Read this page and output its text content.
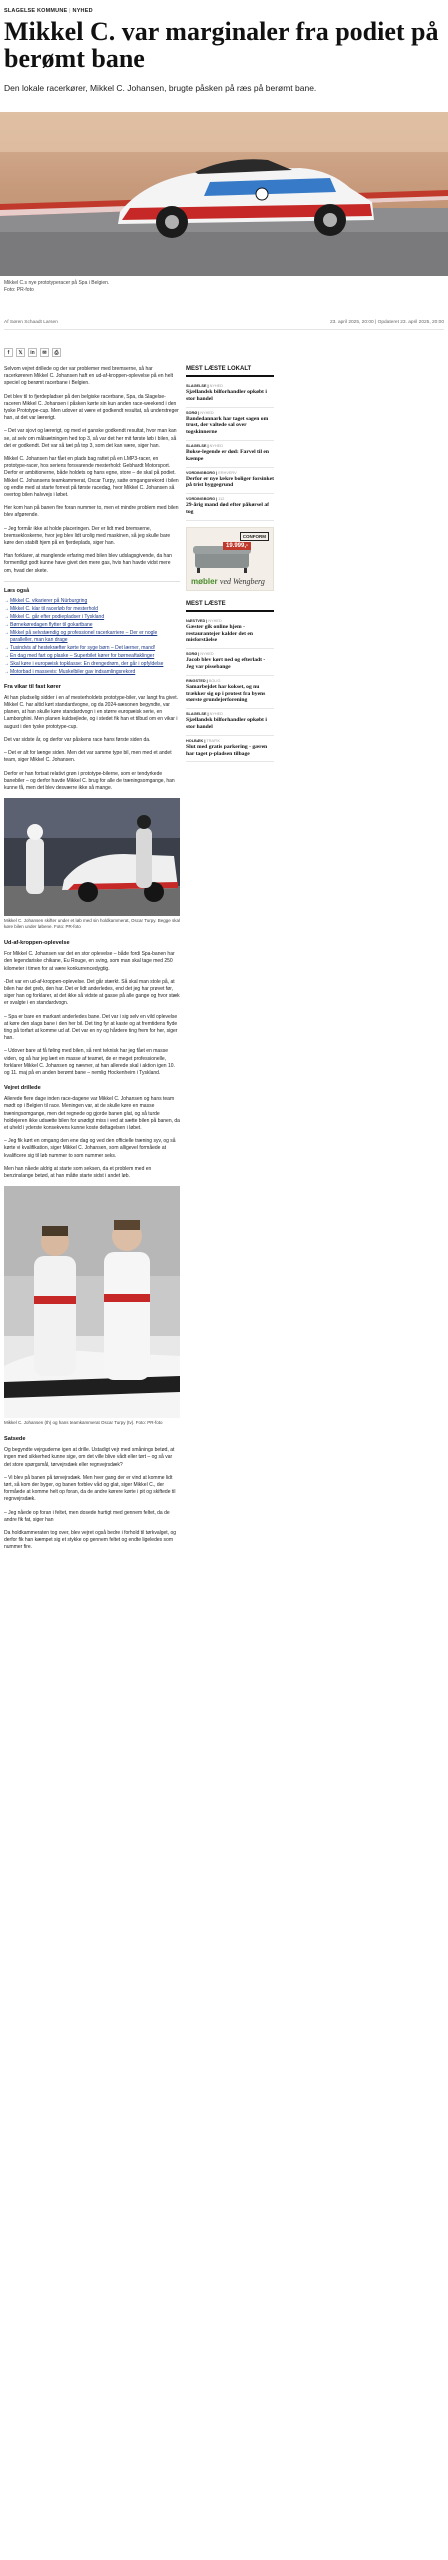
SLAGELSE KOMMUNE | NYHED
Mikkel C. var marginaler fra podiet på berømt bane

Den lokale racerkører, Mikkel C. Johansen, brugte påsken på ræs på berømt bane.

Mikkel C.s nye prototyperacer på Spa i Belgien.
Foto: PR-foto
Af Søren Schaadt Larsen	23. april 2025, 20:00 | Opdateret 23. april 2025, 20:00
f	𝕏	in	✉	⎙

Selvom vejret drillede og der var problemer med bremserne, så har racerkøreren Mikkel C. Johansen haft en ud-af-kroppen-oplevelse på en helt speciel og berømt racerbane i Belgien.

Det blev til to fjerdepladser på den belgiske racerbane, Spa, da Slagelse-raceren Mikkel C. Johansen i påsken kørte sin kun anden race-weekend i den tyske Prototype-cup. Men udover at være et godkendt resultat, så understreger han, at det var lærerigt.

– Det var sjovt og lærerigt, og med et ganske godkendt resultat, hvor man kan se, at selv om målsætningen hed top 3, så var det her mit første løb i bilen, så det er godkendt. Det var så tæt på top 3, som det kan være, siger han.

Mikkel C. Johansen har fået en plads bag rattet på en LMP3-racer, en prototype-racer, hos seriens forsvarende mesterhold: Gebhardt Motorsport. Derfor er ambitionerne, både holdets og hans egne, store – de skal på podiet. Mikkel C. Johansens teamkammerat, Oscar Turpy, satte omgangsrekord i bilen og endte med at starte forrest på første racedag, hvor Mikkel C. Johansen så overtog bilen halvvejs i løbet.

Her kom han på banen fire foran nummer to, men et mindre problem med bilen blev afgørende.

– Jeg formår ikke at holde placeringen. Der er lidt med bremserne, bremsekloskerne, hvor jeg blev lidt urolig med maskinen, så jeg skulle bare køre den stabilt hjem på en fjerdeplads, siger han.

Han forklarer, at manglende erfaring med bilen blev udslagsgivende, da han formentligt godt kunne have givet den mere gas, hvis han havde vidst mere om, hvad der skete.

Læs også
→ Mikkel C. vikarierer på Nürburgring
→ Mikkel C. klar til racerløb for mesterhold
→ Mikkel C. går efter podiepladser i Tyskland
→ Børnekøredagen flytter til gokartbane
→ Mikkel på selvstændig og professionel racerkarriere – Der er nogle paralleller, man kan drage
→ Tusindvis af hestekræfter kørte for syge børn – Det lærner, mand!
→ En dag med fart og plaske – Superbilet kører for børneaftaklinger
→ Skal køre i europæisk topklasse: En drengedrøm, der går i opfyldelse
→ Motorbad i massevis: Muskelbiler gav indsamlingsrekord
Fra vikar til fast kører

At han pludselig sidder i en af mesterholdets prototype-biler, var langt fra givet. Mikkel C. har altid kørt standardvogne, og da 2024-sæsonen begyndte, var planen, at han skulle køre standardvogn i en større europæisk serie, en Lamborghini. Men planen kuldsejlede, og i stedet fik han et tilbud om en vikar i august i den tyske prototype-cup.

Det var sidste år, og derfor var påskens race hans første siden da.

– Det er alt for længe siden. Men det var samme type bil, men med et andet team, siger Mikkel C. Johansen.

Derfor er han fortsat relativt grøn i prototype-bilerne, som er tendyrkede banebiler – og derfor havde Mikkel C. brug for alle de træningsomgange, han kunne få, men det blev desværre ikke så mange.

Mikkel C. Johansen skifter under et løb med sin holdkammerat, Oscar Turpy. Begge skal køre bilen under løbene. Foto: PR-foto
Ud-af-kroppen-oplevelse

For Mikkel C. Johansen var det en stor oplevelse – både fordi Spa-banen har den legendariske chikane, Eu Rouge, en sving, som man skal tage med 250 kilometer i timen for at være konkurrencedygtig.

-Det var en ud-af-kroppen-oplevelse. Det går stærkt. Så skal man stole på, at bilen har det greb, den har. Det er lidt anderledes, end det jeg har prøvet før, siger han og forklarer, at det ikke så vidste at gasse på alle gange og hvor stæk er svalgte i en standardvogn.

– Spa er bare en markant anderledes bane. Det var i sig selv en vild oplevelse at køre den slags bane i den her bil. Det ting fyr at kaste og at fremtidens flyde ting på torfart at komme ud af. Det var en ny og hårdere ting frem for her, siger han.

– Udover bare at få føling med bilen, så rent teknisk har jeg fået en masse viden, og så har jeg lært en masse af teamet, de er meget professionelle, forklarer Mikkel C. Johansen og nævner, at han allerede skal i aktion igen 10. og 11. maj på en anden berømt bane – nemlig Hockenheim i Tyskland.

Vejret drillede

Allerede flere dage inden race-dagene var Mikkel C. Johansen og hans team mødt op i Belgien til race. Meningen var, at de skulle køre en masse træningsomgange, men det regnede og gjorde banen glat, og så turde holdejeren ikke udsætte bilen for unødigt miss i ved at sætte bilen på banen, da et uheld i yderste konsekvens kunne koste deltagelsen i løbet.

– Jeg fik kørt en omgang den ene dag og ved den officielle træning syv, og så kørte vi kvalifikation, siger Mikkel C. Johansen, som alligevel formåede at kvalificere sig til løb nummer to som nummer seks.

Men han nåede aldrig at starte som seksen, da et problem med en benzinslange betød, at han måtte starte sidst i andet løb.

Mikkel C. Johansen (th) og hans teamkammerat Oscar Turpy (tv). Foto: PR-foto
Satsede

Og begyndte vejrguderne igen at drille. Ustadigt vejr med smånings betød, at ingen med sikkerhed kunne sige, om det ville blive vådt eller tørt – og så var det store spørgsmål, tørvejrsdæk eller regnvejrsdæk?

– Vi blev på banen på tørvejrsdæk. Men hver gang der er vind at komme lidt tørt, så kom der byger, og banen forblev våd og glat, siger Mikkel C., der formåede at komme helt op foran, da de andre kørere kørte i pit og skiftede til regnvejrsdæk.

– Jeg nåede op foran i feltet, men dosede hurtigt med gennem feltet, da de andre fik fat, siger han

Da holdkammeraten tog over, blev vejret også bedre i forhold til tørkvalget, og derfor fik han kæmpet sig et stykke op gennem feltet og endte ligeledes som nummer fire.

MEST LÆSTE LOKALT
SLAGELSE | NYHED
Sjællandsk bilforhandler opkøbt i stor handel
SORØ | NYHED
Bandedannark har taget sagen om trust, der valtede sal over togskinnerne
SLAGELSE | NYHED
Boksе-legende er død: Farvel til en kæmpe
VORDINGBORG | ERHVERV
Derfor er nye lækre boliger forsinket på trist byggegrund
VORDINGBORG | 112
29-årig mand død efter påkørsel af tog
CONFORM
19.999,-
møbler ved Wengberg
MEST LÆSTE
NÆSTVED | NYHED
Gæster gik online hjem - restaurantejer kalder det en misforståelse
SORØ | NYHED
Jacob blev kørt ned og efterladt - Jeg var pissebange
RINGSTED | BOLIG
Samarbejdet har kokset, og nu trækker sig op i protest fra byens største grundejerforening
SLAGELSE | NYHED
Sjællandsk bilforhandler opkøbt i stor handel
HOLBÆK | TRAFIK
Slut med gratis parkering - gæren har taget p-pladsen tilbage
